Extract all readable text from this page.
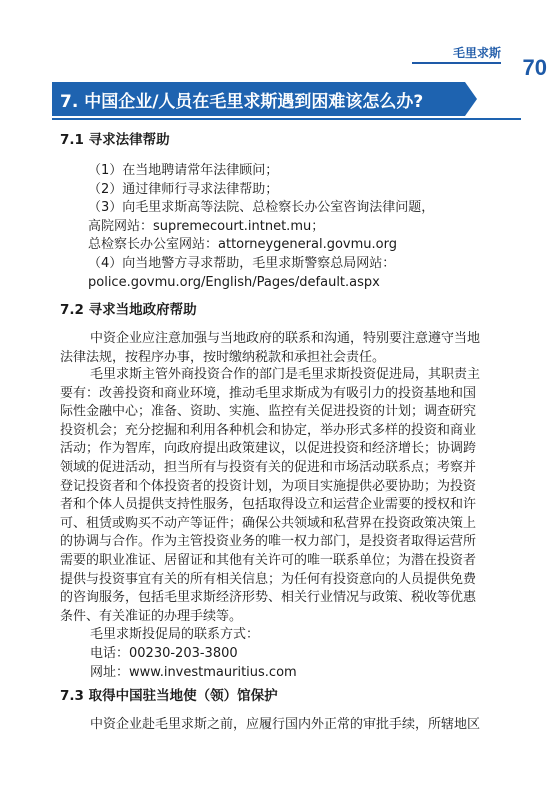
毛里求斯
70
7. 中国企业/人员在毛里求斯遇到困难该怎么办?
7.1 寻求法律帮助
（1）在当地聘请常年法律顾问；
（2）通过律师行寻求法律帮助；
（3）向毛里求斯高等法院、总检察长办公室咨询法律问题，
高院网站：supremecourt.intnet.mu；
总检察长办公室网站：attorneygeneral.govmu.org
（4）向当地警方寻求帮助，毛里求斯警察总局网站：
police.govmu.org/English/Pages/default.aspx
7.2 寻求当地政府帮助
中资企业应注意加强与当地政府的联系和沟通，特别要注意遵守当地
法律法规，按程序办事，按时缴纳税款和承担社会责任。
毛里求斯主管外商投资合作的部门是毛里求斯投资促进局，其职责主
要有：改善投资和商业环境，推动毛里求斯成为有吸引力的投资基地和国
际性金融中心；准备、资助、实施、监控有关促进投资的计划；调查研究
投资机会；充分挖掘和利用各种机会和协定，举办形式多样的投资和商业
活动；作为智库，向政府提出政策建议，以促进投资和经济增长；协调跨
领域的促进活动，担当所有与投资有关的促进和市场活动联系点；考察并
登记投资者和个体投资者的投资计划，为项目实施提供必要协助；为投资
者和个体人员提供支持性服务，包括取得设立和运营企业需要的授权和许
可、租赁或购买不动产等证件；确保公共领域和私营界在投资政策决策上
的协调与合作。作为主管投资业务的唯一权力部门，是投资者取得运营所
需要的职业准证、居留证和其他有关许可的唯一联系单位；为潜在投资者
提供与投资事宜有关的所有相关信息；为任何有投资意向的人员提供免费
的咨询服务，包括毛里求斯经济形势、相关行业情况与政策、税收等优惠
条件、有关准证的办理手续等。
毛里求斯投促局的联系方式：
电话：00230-203-3800
网址：www.investmauritius.com
7.3 取得中国驻当地使（领）馆保护
中资企业赴毛里求斯之前，应履行国内外正常的审批手续，所辖地区
